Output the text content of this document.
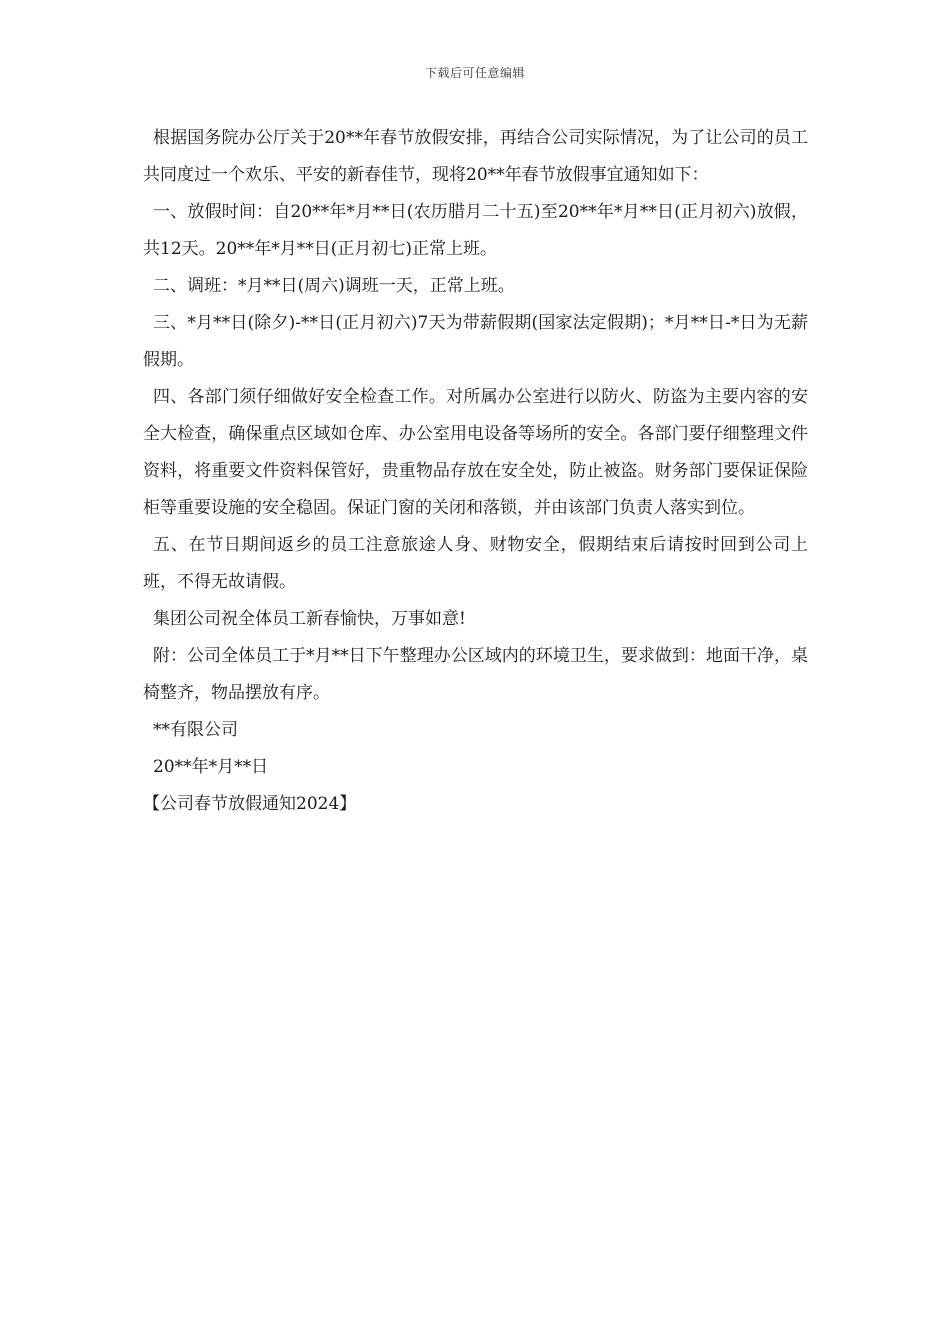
下载后可任意编辑

根据国务院办公厅关于20**年春节放假安排，再结合公司实际情况，为了让公司的员工共同度过一个欢乐、平安的新春佳节，现将20**年春节放假事宜通知如下：

一、放假时间：自20**年*月**日(农历腊月二十五)至20**年*月**日(正月初六)放假，共12天。20**年*月**日(正月初七)正常上班。

二、调班：*月**日(周六)调班一天，正常上班。

三、*月**日(除夕)-**日(正月初六)7天为带薪假期(国家法定假期)；*月**日-*日为无薪假期。

四、各部门须仔细做好安全检查工作。对所属办公室进行以防火、防盗为主要内容的安全大检查，确保重点区域如仓库、办公室用电设备等场所的安全。各部门要仔细整理文件资料，将重要文件资料保管好，贵重物品存放在安全处，防止被盗。财务部门要保证保险柜等重要设施的安全稳固。保证门窗的关闭和落锁，并由该部门负责人落实到位。

五、在节日期间返乡的员工注意旅途人身、财物安全，假期结束后请按时回到公司上班，不得无故请假。

集团公司祝全体员工新春愉快，万事如意!

附：公司全体员工于*月**日下午整理办公区域内的环境卫生，要求做到：地面干净，桌椅整齐，物品摆放有序。

**有限公司

20**年*月**日

【公司春节放假通知2024】
